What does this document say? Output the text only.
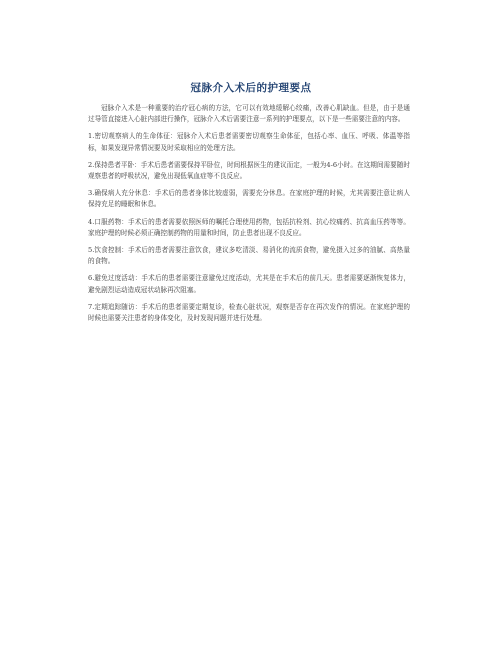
冠脉介入术后的护理要点

冠脉介入术是一种重要的治疗冠心病的方法，它可以有效地缓解心绞痛，改善心肌缺血。但是，由于是通过导管直接进入心脏内部进行操作，冠脉介入术后需要注意一系列的护理要点，以下是一些需要注意的内容。

1.密切观察病人的生命体征：冠脉介入术后患者需要密切观察生命体征，包括心率、血压、呼吸、体温等指标，如果发现异常情况要及时采取相应的处理方法。

2.保持患者平卧：手术后患者需要保持平卧位，时间根据医生的建议而定，一般为4-6小时。在这期间需要随时观察患者的呼吸状况，避免出现低氧血症等不良反应。

3.确保病人充分休息：手术后的患者身体比较虚弱，需要充分休息。在家庭护理的时候，尤其需要注意让病人保持充足的睡眠和休息。

4.口服药物：手术后的患者需要依照医师的嘱托合理使用药物，包括抗栓剂、抗心绞痛药、抗高血压药等等。家庭护理的时候必须正确控制药物的用量和时间，防止患者出现不良反应。

5.饮食控制：手术后的患者需要注意饮食，建议多吃清淡、易消化的流质食物，避免摄入过多的油腻、高热量的食物。

6.避免过度活动：手术后的患者需要注意避免过度活动，尤其是在手术后的前几天。患者需要逐渐恢复体力，避免剧烈运动造成冠状动脉再次阻塞。

7.定期追踪随访：手术后的患者需要定期复诊，检查心脏状况，观察是否存在再次发作的情况。在家庭护理的时候也需要关注患者的身体变化，及时发现问题并进行处理。
